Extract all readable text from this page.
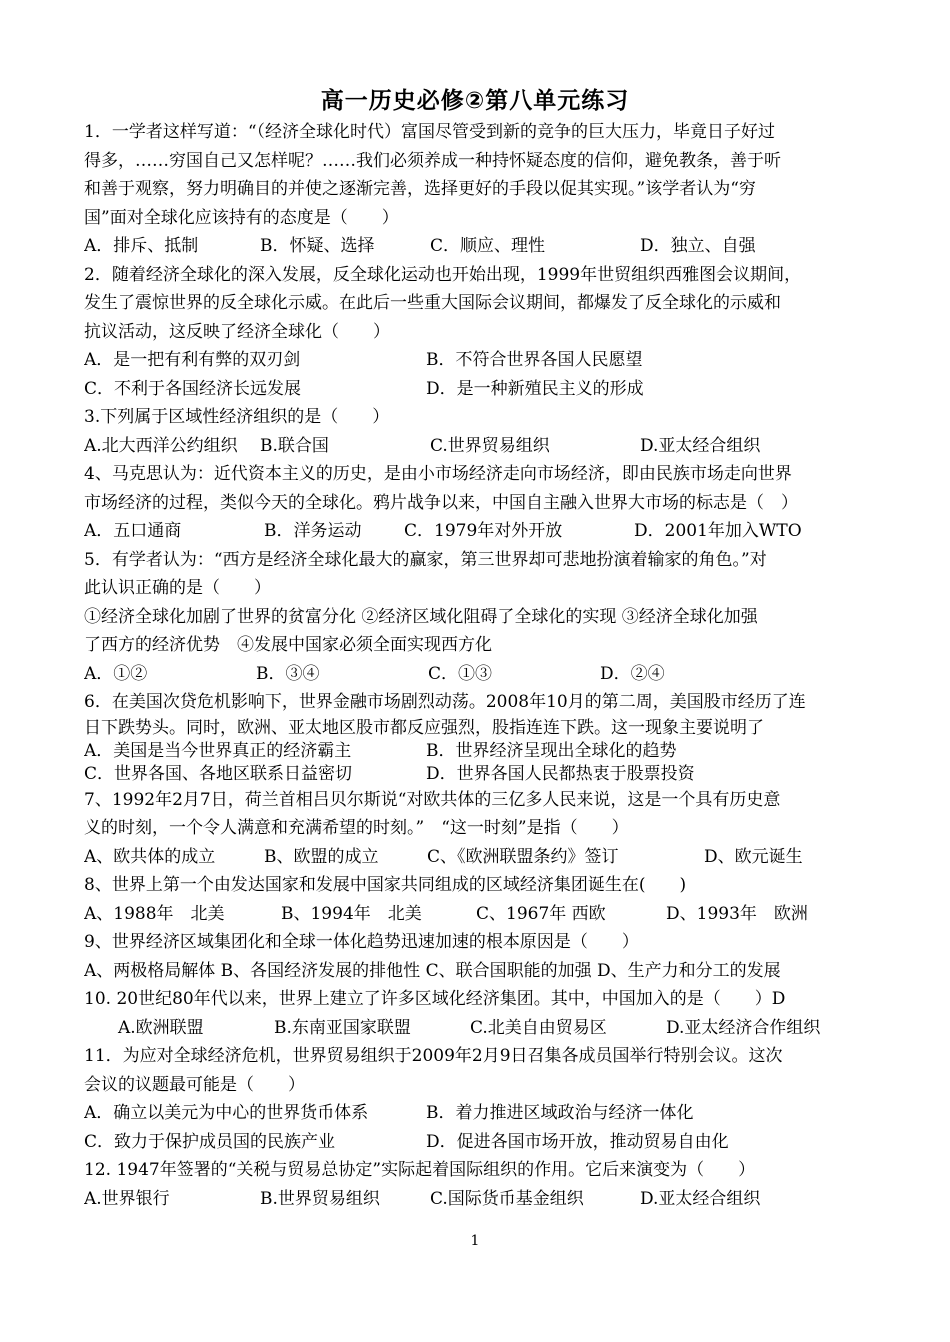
高一历史必修②第八单元练习
1．一学者这样写道：“（经济全球化时代）富国尽管受到新的竞争的巨大压力，毕竟日子好过
得多，……穷国自己又怎样呢？……我们必须养成一种持怀疑态度的信仰，避免教条，善于听
和善于观察，努力明确目的并使之逐渐完善，选择更好的手段以促其实现。”该学者认为“穷
国”面对全球化应该持有的态度是（　　）
A．排斥、抵制	B．怀疑、选择	C．顺应、理性	D．独立、自强
2．随着经济全球化的深入发展，反全球化运动也开始出现，1999年世贸组织西雅图会议期间，
发生了震惊世界的反全球化示威。在此后一些重大国际会议期间，都爆发了反全球化的示威和
抗议活动，这反映了经济全球化（　　）
A．是一把有利有弊的双刃剑	B．不符合世界各国人民愿望
C．不利于各国经济长远发展	D．是一种新殖民主义的形成
3.下列属于区域性经济组织的是（　　）
A.北大西洋公约组织	B.联合国	C.世界贸易组织	D.亚太经合组织
4、马克思认为：近代资本主义的历史，是由小市场经济走向市场经济，即由民族市场走向世界
市场经济的过程，类似今天的全球化。鸦片战争以来，中国自主融入世界大市场的标志是（　）
A．五口通商	B．洋务运动	C．1979年对外开放	D．2001年加入WTO
5．有学者认为：“西方是经济全球化最大的赢家，第三世界却可悲地扮演着输家的角色。”对
此认识正确的是（　　）
①经济全球化加剧了世界的贫富分化 ②经济区域化阻碍了全球化的实现 ③经济全球化加强
了西方的经济优势　④发展中国家必须全面实现西方化
A．①②	B．③④	C．①③	D．②④
6．在美国次贷危机影响下，世界金融市场剧烈动荡。2008年10月的第二周，美国股市经历了连
日下跌势头。同时，欧洲、亚太地区股市都反应强烈，股指连连下跌。这一现象主要说明了
A．美国是当今世界真正的经济霸主	B．世界经济呈现出全球化的趋势
C．世界各国、各地区联系日益密切	D．世界各国人民都热衷于股票投资
7、1992年2月7日，荷兰首相吕贝尔斯说“对欧共体的三亿多人民来说，这是一个具有历史意
义的时刻，一个令人满意和充满希望的时刻。”　“这一时刻”是指（　　）
A、欧共体的成立	B、欧盟的成立	C、《欧洲联盟条约》签订	D、欧元诞生
8、世界上第一个由发达国家和发展中国家共同组成的区域经济集团诞生在(　　)
A、1988年　北美	B、1994年　北美	C、1967年 西欧	D、1993年　欧洲
9、世界经济区域集团化和全球一体化趋势迅速加速的根本原因是（　　）
A、两极格局解体 B、各国经济发展的排他性 C、联合国职能的加强 D、生产力和分工的发展
10. 20世纪80年代以来，世界上建立了许多区域化经济集团。其中，中国加入的是（　　）D
　　A.欧洲联盟	B.东南亚国家联盟	C.北美自由贸易区	D.亚太经济合作组织
11．为应对全球经济危机，世界贸易组织于2009年2月9日召集各成员国举行特别会议。这次
会议的议题最可能是（　　）
A．确立以美元为中心的世界货币体系	B．着力推进区域政治与经济一体化
C．致力于保护成员国的民族产业	D．促进各国市场开放，推动贸易自由化
12. 1947年签署的“关税与贸易总协定”实际起着国际组织的作用。它后来演变为（　　）
A.世界银行	B.世界贸易组织	C.国际货币基金组织	D.亚太经合组织
1
